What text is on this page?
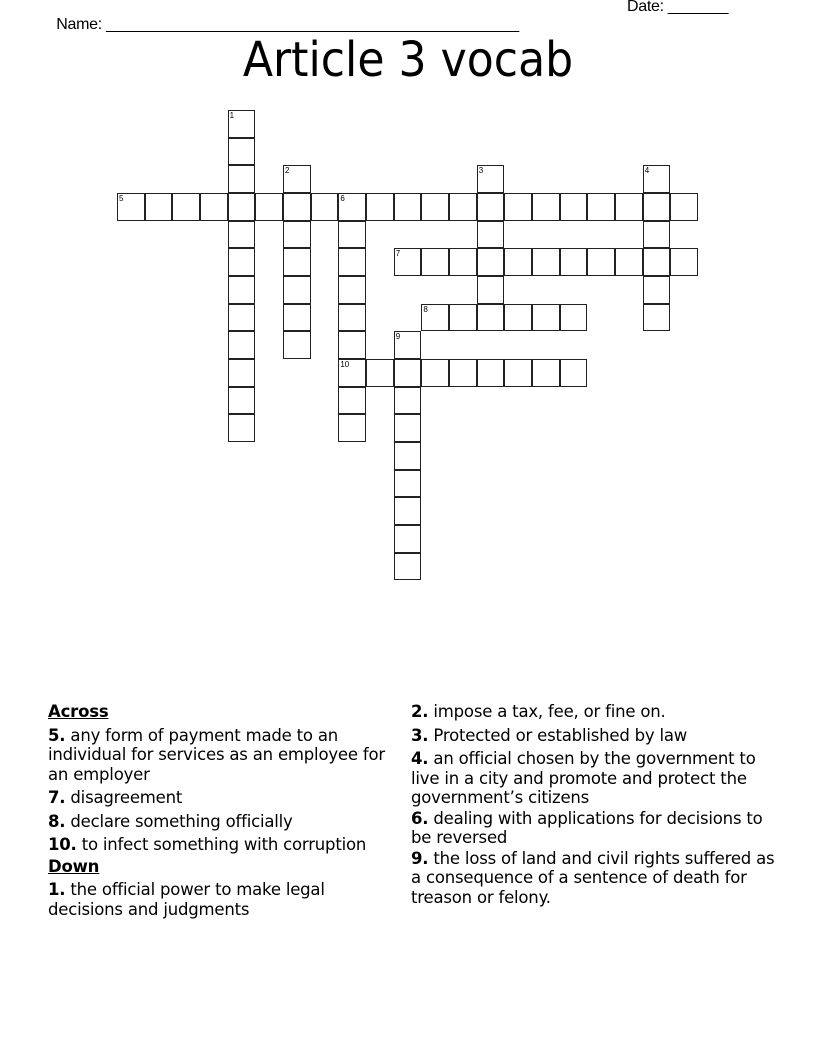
Name: ________________________________________________

Date: _______

Article 3 vocab
1
2	3	4
5	6
10
7
8
9
Across
5. any form of payment made to an individual for services as an employee for an employer
7. disagreement
8. declare something officially
10. to infect something with corruption
Down
1. the official power to make legal decisions and judgments
2. impose a tax, fee, or fine on.
3. Protected or established by law
4. an official chosen by the government to live in a city and promote and protect the government’s citizens
6. dealing with applications for decisions to be reversed
9. the loss of land and civil rights suffered as a consequence of a sentence of death for treason or felony.
